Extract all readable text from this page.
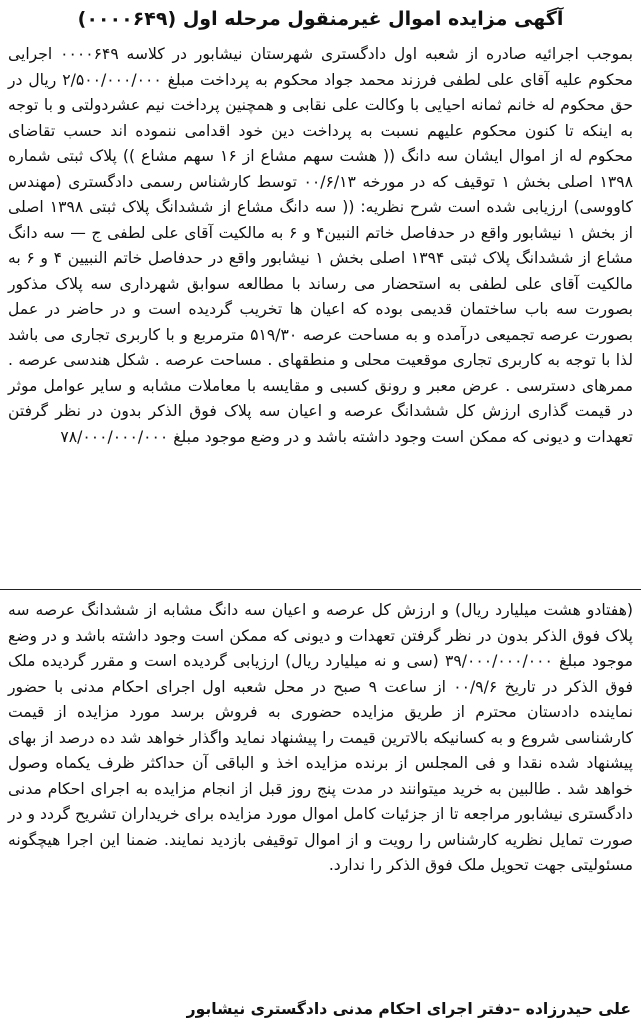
آگهی مزایده اموال غیرمنقول مرحله اول (۰۰۰۰۶۴۹)
بموجب اجرائیه صادره از شعبه اول دادگستری شهرستان نیشابور در کلاسه ۰۰۰۰۶۴۹ اجرایی محکوم علیه آقای علی لطفی فرزند محمد جواد محکوم به پرداخت مبلغ ۲/۵۰۰/۰۰۰/۰۰۰ ریال در حق محکوم له خانم ثمانه احیایی با وکالت علی نقابی و همچنین پرداخت نیم عشردولتی و با توجه به اینکه تا کنون محکوم علیهم نسبت به پرداخت دین خود اقدامی ننموده اند حسب تقاضای محکوم له از اموال ایشان سه دانگ (( هشت سهم مشاع از ۱۶ سهم مشاع )) پلاک ثبتی شماره ۱۳۹۸ اصلی بخش ۱ توقیف که در مورخه ۰۰/۶/۱۳ توسط کارشناس رسمی دادگستری (مهندس کاووسی) ارزیابی شده است شرح نظریه: (( سه دانگ مشاع از ششدانگ پلاک ثبتی ۱۳۹۸ اصلی از بخش ۱ نیشابور واقع در حدفاصل خاتم النبین۴ و ۶ به مالکیت آقای علی لطفی ج — سه دانگ مشاع از ششدانگ پلاک ثبتی ۱۳۹۴ اصلی بخش ۱ نیشابور واقع در حدفاصل خاتم النبیین ۴ و ۶ به مالکیت آقای علی لطفی به استحضار می رساند با مطالعه سوابق شهرداری سه پلاک مذکور بصورت سه باب ساختمان قدیمی بوده که اعیان ها تخریب گردیده است و در حاضر در عمل بصورت عرصه تجمیعی درآمده و به مساحت عرصه ۵۱۹/۳۰ مترمربع و با کاربری تجاری می باشد لذا با توجه به کاربری تجاری موقعیت محلی و منطقهای . مساحت عرصه . شکل هندسی عرصه . ممرهای دسترسی . عرض معبر و رونق کسبی و مقایسه با معاملات مشابه و سایر عوامل موثر در قیمت گذاری ارزش کل ششدانگ عرصه و اعیان سه پلاک فوق الذکر بدون در نظر گرفتن تعهدات و دیونی که ممکن است وجود داشته باشد و در وضع موجود مبلغ ۷۸/۰۰۰/۰۰۰/۰۰۰
(هفتادو هشت میلیارد ریال) و ارزش کل عرصه و اعیان سه دانگ مشابه از ششدانگ عرصه سه پلاک فوق الذکر بدون در نظر گرفتن تعهدات و دیونی که ممکن است وجود داشته باشد و در وضع موجود مبلغ ۳۹/۰۰۰/۰۰۰/۰۰۰ (سی و نه میلیارد ریال) ارزیابی گردیده است و مقرر گردیده ملک فوق الذکر در تاریخ ۰۰/۹/۶ از ساعت ۹ صبح در محل شعبه اول اجرای احکام مدنی با حضور نماینده دادستان محترم از طریق مزایده حضوری به فروش برسد مورد مزایده از قیمت کارشناسی شروع و به کسانیکه بالاترین قیمت را پیشنهاد نماید واگذار خواهد شد ده درصد از بهای پیشنهاد شده نقدا و فی المجلس از برنده مزایده اخذ و الباقی آن حداکثر ظرف یکماه وصول خواهد شد . طالبین به خرید میتوانند در مدت پنج روز قبل از انجام مزایده به اجرای احکام مدنی دادگستری نیشابور مراجعه تا از جزئیات کامل اموال مورد مزایده برای خریداران تشریح گردد و در صورت تمایل نظریه کارشناس را رویت و از اموال توقیفی بازدید نمایند. ضمنا این اجرا هیچگونه مسئولیتی جهت تحویل ملک فوق الذکر را ندارد.
علی حیدرزاده –دفتر اجرای احکام مدنی دادگستری نیشابور
